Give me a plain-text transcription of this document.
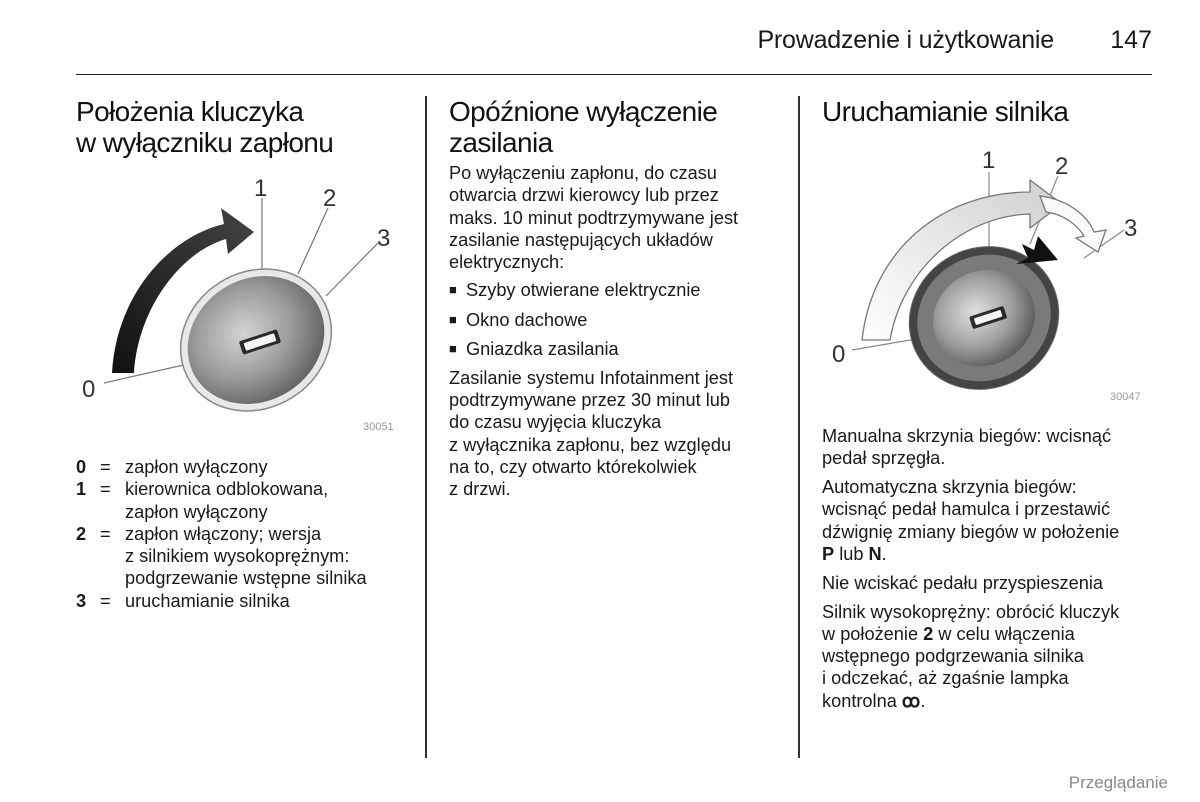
Prowadzenie i użytkowanie 147
Położenia kluczyka
w wyłączniku zapłonu
1 2
3
0
30051
0 = zapłon wyłączony
1 = kierownica odblokowana,
zapłon wyłączony
2 = zapłon włączony; wersja
z silnikiem wysokoprężnym:
podgrzewanie wstępne silnika
3 = uruchamianie silnika
Opóźnione wyłączenie
zasilania

Po wyłączeniu zapłonu, do czasu
otwarcia drzwi kierowcy lub przez
maks. 10 minut podtrzymywane jest
zasilanie następujących układów
elektrycznych:

■ Szyby otwierane elektrycznie
■ Okno dachowe
■ Gniazdka zasilania

Zasilanie systemu Infotainment jest
podtrzymywane przez 30 minut lub
do czasu wyjęcia kluczyka
z wyłącznika zapłonu, bez względu
na to, czy otwarto którekolwiek
z drzwi.

Uruchamianie silnika
1 2
3
0
30047

Manualna skrzynia biegów: wcisnąć
pedał sprzęgła.

Automatyczna skrzynia biegów:
wcisnąć pedał hamulca i przestawić
dźwignię zmiany biegów w położenie
P lub N.

Nie wciskać pedału przyspieszenia

Silnik wysokoprężny: obrócić kluczyk
w położenie 2 w celu włączenia
wstępnego podgrzewania silnika
i odczekać, aż zgaśnie lampka
kontrolna ꝏ.

Przeglądanie
